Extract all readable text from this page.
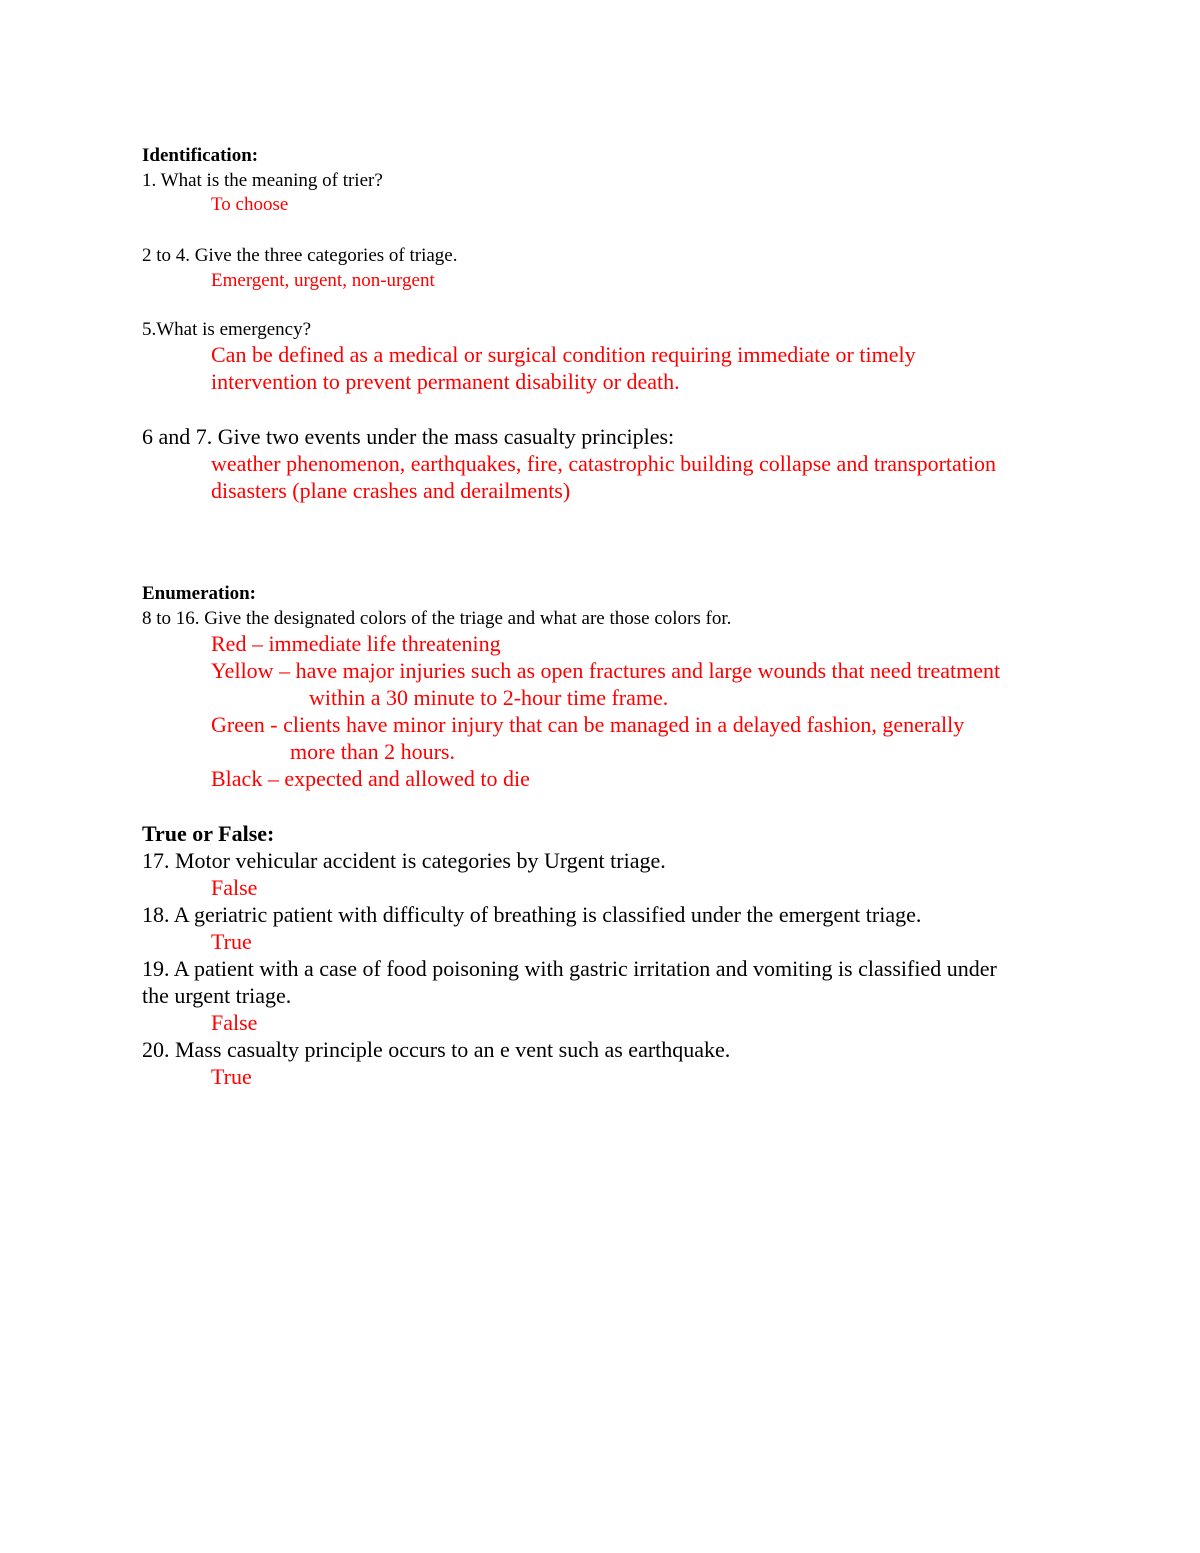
Identification:
1. What is the meaning of trier?
To choose
2 to 4. Give the three categories of triage.
Emergent, urgent, non-urgent
5.What is emergency?
Can be defined as a medical or surgical condition requiring immediate or timely
intervention to prevent permanent disability or death.
6 and 7. Give two events under the mass casualty principles:
weather phenomenon, earthquakes, fire, catastrophic building collapse and transportation
disasters (plane crashes and derailments)
Enumeration:
8 to 16. Give the designated colors of the triage and what are those colors for.
Red – immediate life threatening
Yellow – have major injuries such as open fractures and large wounds that need treatment
within a 30 minute to 2-hour time frame.
Green - clients have minor injury that can be managed in a delayed fashion, generally
more than 2 hours.
Black – expected and allowed to die
True or False:
17. Motor vehicular accident is categories by Urgent triage.
False
18. A geriatric patient with difficulty of breathing is classified under the emergent triage.
True
19. A patient with a case of food poisoning with gastric irritation and vomiting is classified under
the urgent triage.
False
20. Mass casualty principle occurs to an e vent such as earthquake.
True
